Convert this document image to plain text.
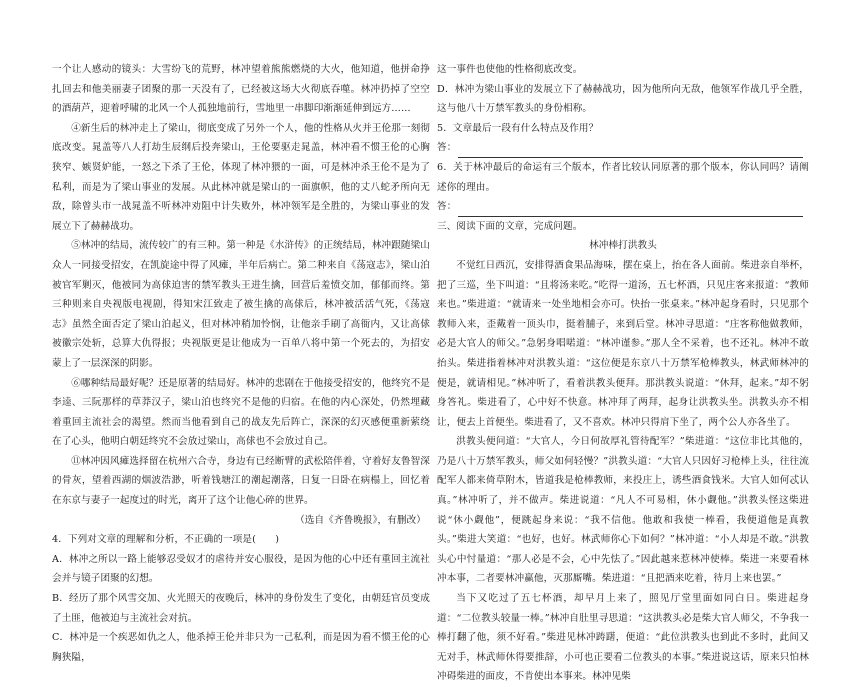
一个让人感动的镜头：大雪纷飞的荒野，林冲望着熊熊燃烧的大火，他知道，他拼命挣扎回去和他美丽妻子团聚的那一天没有了，已经被这场大火彻底吞噬。林冲扔掉了空空的酒葫芦，迎着呼啸的北风一个人孤独地前行，雪地里一串脚印渐渐延伸到远方……

④新生后的林冲走上了梁山，彻底变成了另外一个人，他的性格从火并王伦那一刻彻底改变。晁盖等八人打劫生辰纲后投奔梁山，王伦要驱走晁盖，林冲看不惯王伦的心胸狭窄、嫉贤妒能，一怒之下杀了王伦，体现了林冲猥的一面，可是林冲杀王伦不是为了私利，而是为了梁山事业的发展。从此林冲就是梁山的一面旗帜，他的丈八蛇矛所向无敌，除曾头市一战晁盖不听林冲劝阻中计失败外，林冲领军是全胜的，为梁山事业的发展立下了赫赫战功。

⑤林冲的结局，流传较广的有三种。第一种是《水浒传》的正统结局，林冲跟随梁山众人一同接受招安，在凯旋途中得了风瘫，半年后病亡。第二种来自《荡寇志》，梁山泊被官军剿灭，他被同为高俅迫害的禁军教头王进生擒，回营后羞愤交加，郁郁而终。第三种则来自央视版电视剧，得知宋江致走了被生擒的高俅后，林冲被活活气死，《荡寇志》虽然全面否定了梁山泊起义，但对林冲稍加怜悯，让他亲手刷了高衙内，又让高俅被徽宗处斩，总算大仇得报；央视版更是让他成为一百单八将中第一个死去的，为招安蒙上了一层深深的阴影。

⑥哪种结局最好呢？还是原著的结局好。林冲的悲剧在于他接受招安的，他终究不是李逵、三阮那样的草莽汉子，梁山泊也终究不是他的归宿。在他的内心深处，仍然埋藏着重回主流社会的渴望。然而当他看到自己的战友先后阵亡，深深的幻灭感便重新萦绕在了心头，他明白朝廷终究不会放过梁山，高俅也不会放过自己。

⑪林冲因风瘫选择留在杭州六合寺，身边有已经断臂的武松陪伴着，守着好友鲁智深的骨灰，望着西湖的烟波浩渺，听着钱塘江的潮起潮落，日复一日卧在病榻上，回忆着在东京与妻子一起度过的时光，离开了这个让他心碎的世界。

（选自《齐鲁晚报》，有删改）

4．下列对文章的理解和分析，不正确的一项是(　　)

A．林冲之所以一路上能够忍受奴才的虐待并安心服役，是因为他的心中还有重回主流社会并与镜子团聚的幻想。

B．经历了那个风雪交加、火光照天的夜晚后，林冲的身份发生了变化，由朝廷官员变成了土匪，他被迫与主流社会对抗。

C．林冲是一个疾恶如仇之人，他杀掉王伦并非只为一己私利，而是因为看不惯王伦的心胸狭隘，

这一事件也使他的性格彻底改变。

D．林冲为梁山事业的发展立下了赫赫战功，因为他所向无敌，他领军作战几乎全胜，这与他八十万禁军教头的身份相称。

5．文章最后一段有什么特点及作用？

答：

6．关于林冲最后的命运有三个版本，作者比较认同原著的那个版本，你认同吗？请阐述你的理由。

答：

三、阅读下面的文章，完成问题。

林冲棒打洪教头

不觉红日西沉，安排得酒食果品海味，摆在桌上，抬在各人面前。柴进亲自举杯，把了三巡，坐下叫道：“且将汤来吃。”吃得一道汤，五七杯酒，只见庄客来报道：“教师来也。”柴进道：“就请来一处坐地相会亦可。快抬一张桌来。”林冲起身看时，只见那个教师入来，歪戴着一顶头巾，挺着脯子，来到后堂。林冲寻思道：“庄客称他做教师，必是大官人的师父。”急躬身唱喏道：“林冲谨参。”那人全不采着，也不还礼。林冲不敢抬头。柴进指着林冲对洪教头道：“这位便是东京八十万禁军枪棒教头，林武师林冲的便是，就请相见。”林冲听了，看着洪教头便拜。那洪教头说道：“休拜，起来。”却不躬身答礼。柴进看了，心中好不快意。林冲拜了两拜，起身让洪教头坐。洪教头亦不相让，便去上首便坐。柴进看了，又不喜欢。林冲只得肩下坐了，两个公人亦各坐了。

洪教头便问道：“大官人，今日何故厚礼管待配军？”柴进道：“这位非比其他的，乃是八十万禁军教头，师父如何轻慢？”洪教头道：“大官人只因好习枪棒上头，往往流配军人都来倚草附木，皆道我是枪棒教师，来投庄上，诱些酒食钱米。大官人如何忒认真。”林冲听了，并不做声。柴进说道：“凡人不可易相，休小觑他。”洪教头怪这柴进说“休小觑他”，便跳起身来说：“我不信他。他敢和我使一棒看，我便道他是真教头。”柴进大笑道：“也好，也好。林武师你心下如何？”林冲道：“小人却是不敢。”洪教头心中忖量道：“那人必是不会，心中先怯了。”因此越来惹林冲使棒。柴进一来要看林冲本事，二者要林冲赢他，灭那厮嘴。柴进道：“且把酒来吃着，待月上来也罢。”

当下又吃过了五七杯酒，却早月上来了，照见厅堂里面如同白日。柴进起身道：“二位教头较量一棒。”林冲自肚里寻思道：“这洪教头必是柴大官人师父，不争我一棒打翻了他，须不好看。”柴进见林冲踌躇，便道：“此位洪教头也到此不多时，此间又无对手，林武师休得要推辞，小可也正要看二位教头的本事。”柴进说这话，原来只怕林冲碍柴进的面皮，不肯使出本事来。林冲见柴
